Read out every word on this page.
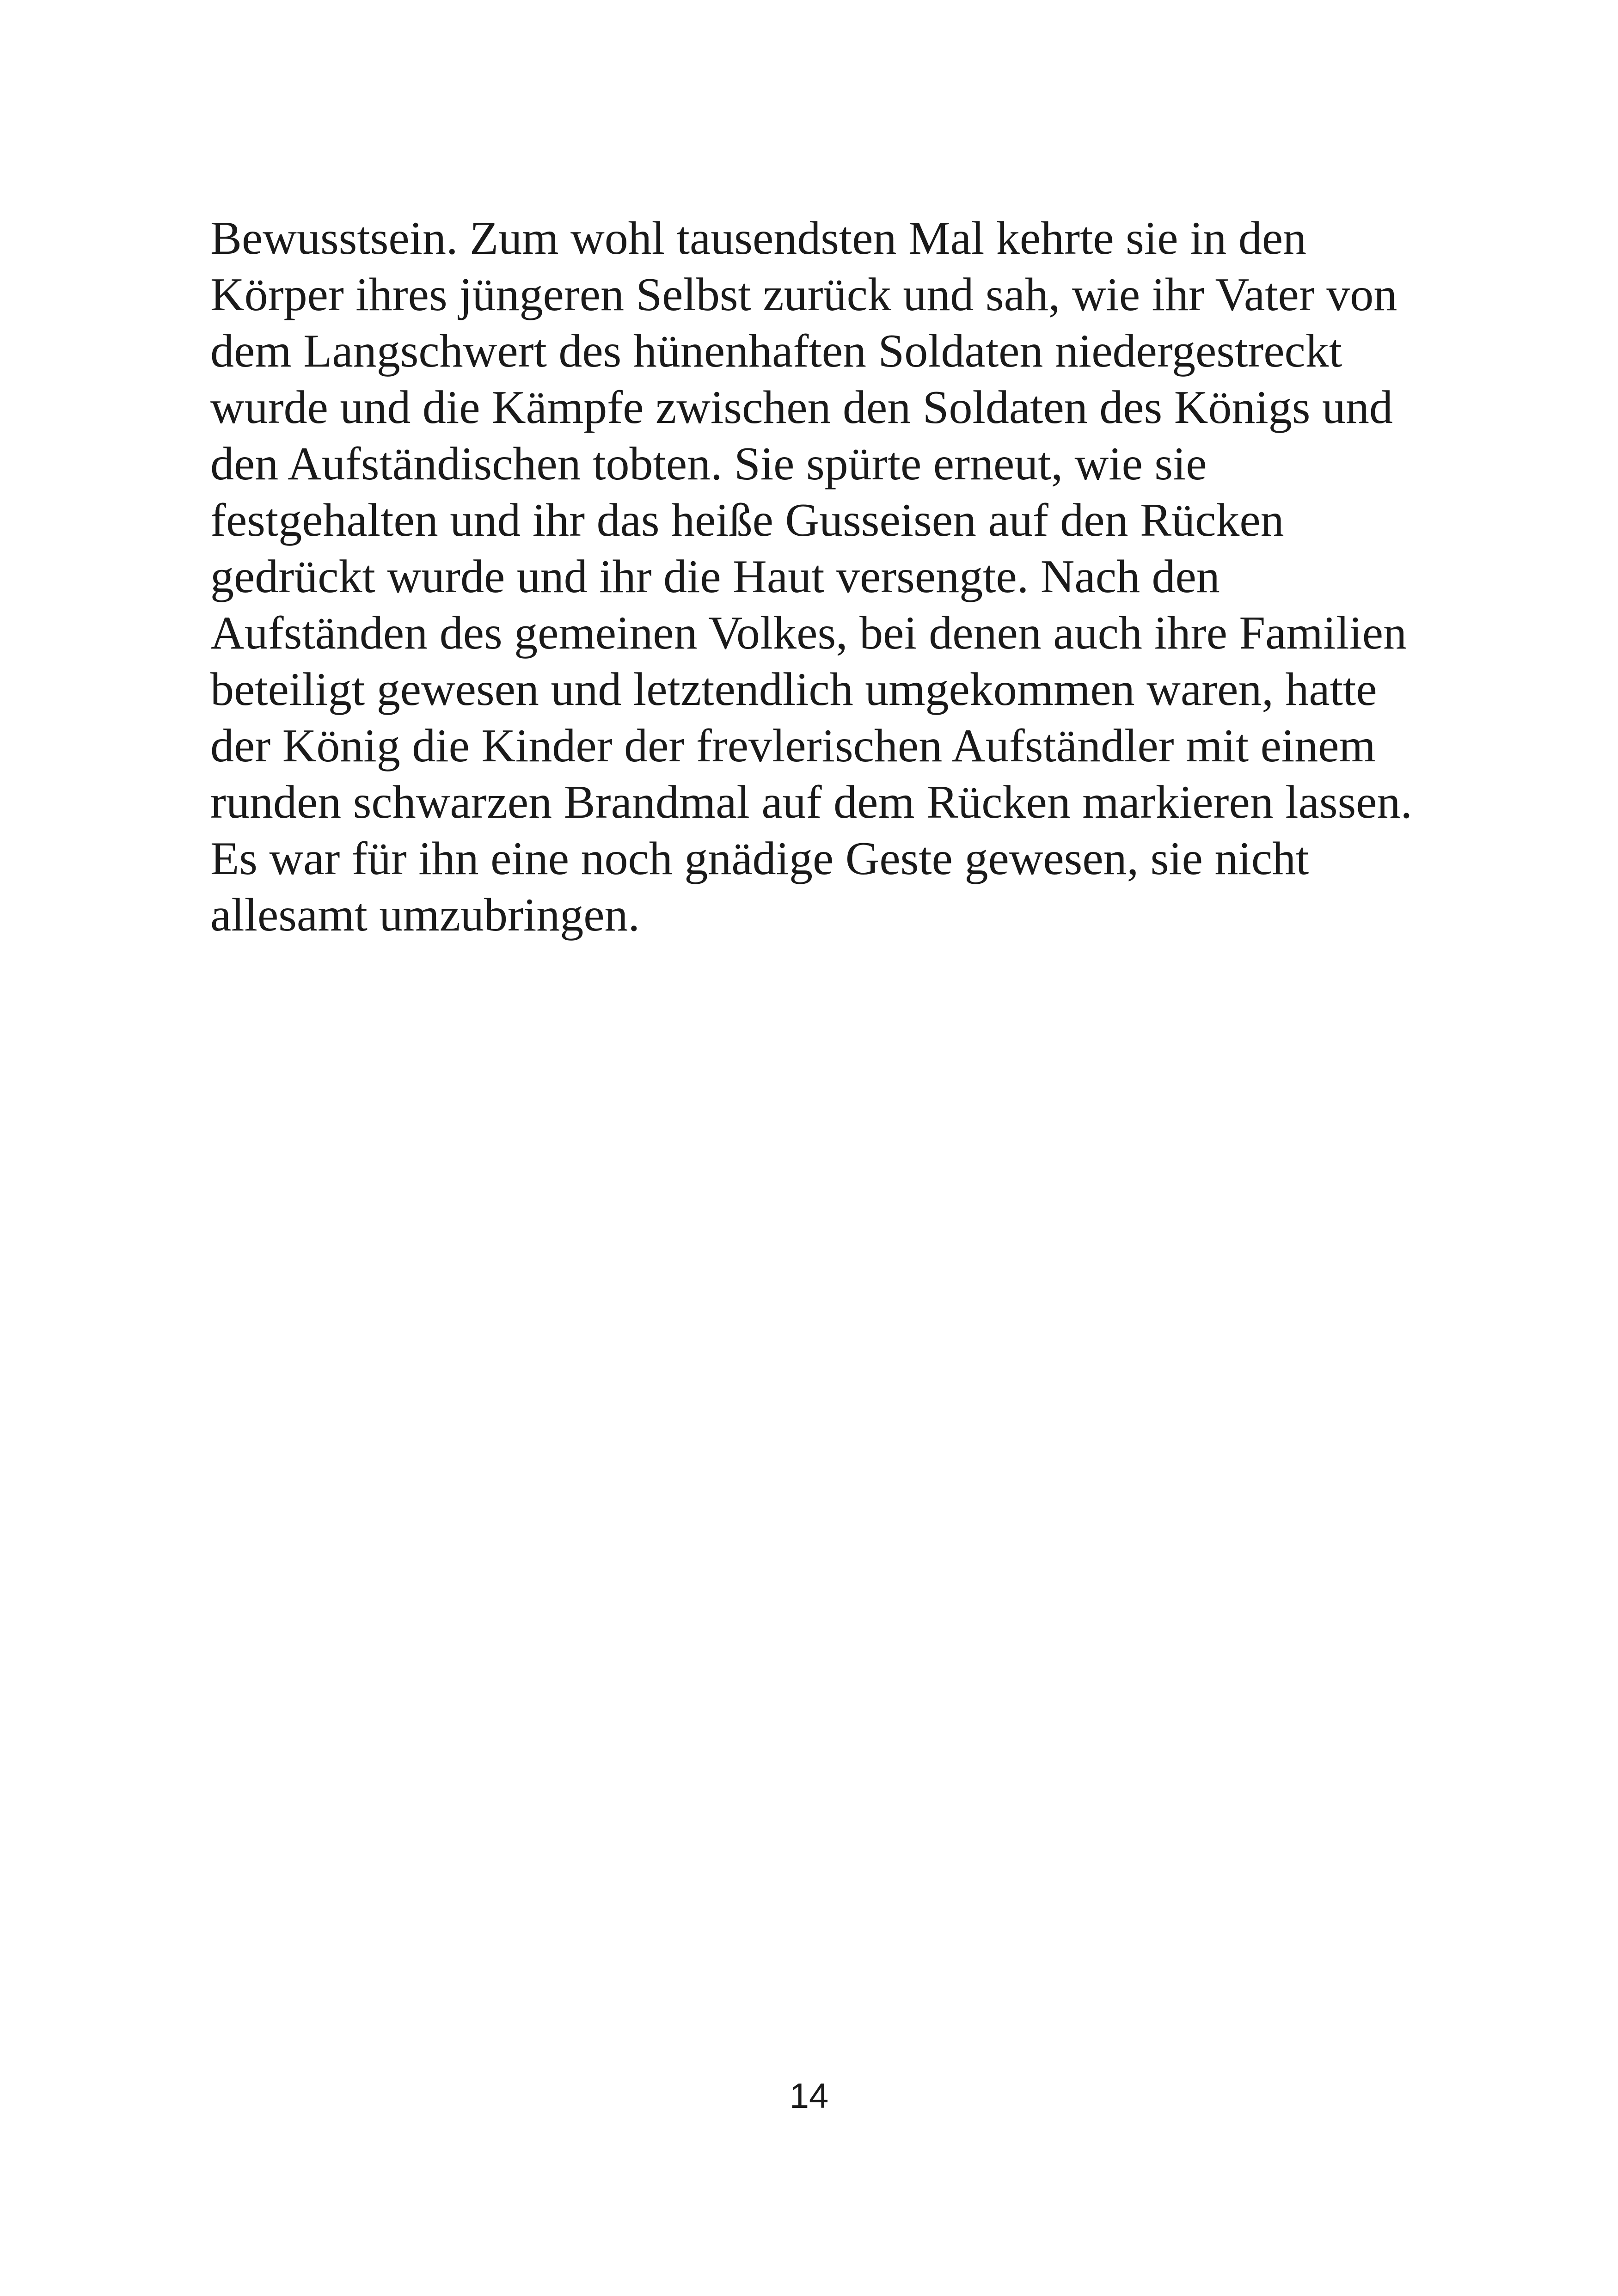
Bewusstsein. Zum wohl tausendsten Mal kehrte sie in den
Körper ihres jüngeren Selbst zurück und sah, wie ihr Vater von
dem Langschwert des hünenhaften Soldaten niedergestreckt
wurde und die Kämpfe zwischen den Soldaten des Königs und
den Aufständischen tobten. Sie spürte erneut, wie sie
festgehalten und ihr das heiße Gusseisen auf den Rücken
gedrückt wurde und ihr die Haut versengte. Nach den
Aufständen des gemeinen Volkes, bei denen auch ihre Familien
beteiligt gewesen und letztendlich umgekommen waren, hatte
der König die Kinder der frevlerischen Aufständler mit einem
runden schwarzen Brandmal auf dem Rücken markieren lassen.
Es war für ihn eine noch gnädige Geste gewesen, sie nicht
allesamt umzubringen.
14
